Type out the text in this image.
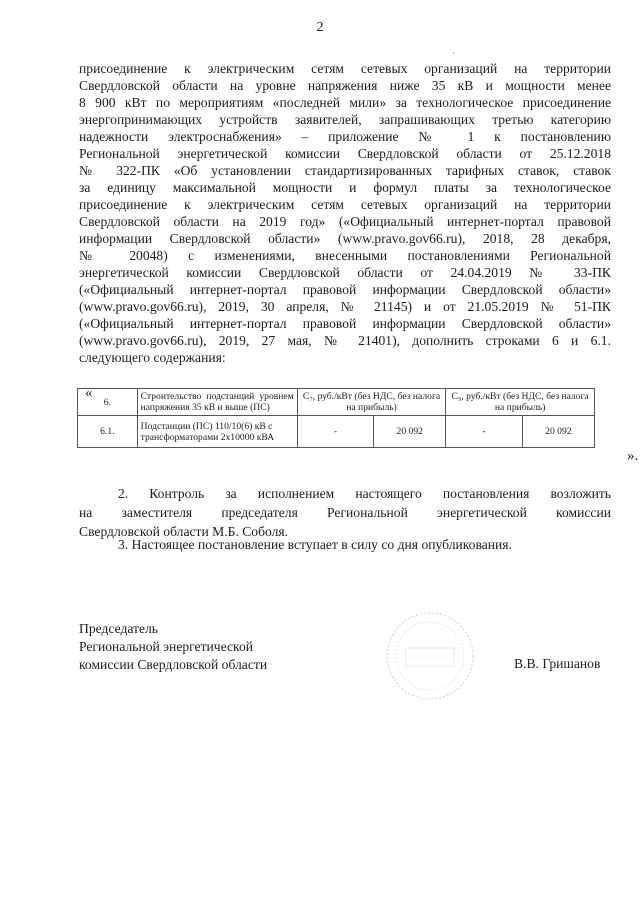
2
·
присоединение к электрическим сетям сетевых организаций на территории
Свердловской области на уровне напряжения ниже 35 кВ и мощности менее
8 900 кВт по мероприятиям «последней мили» за технологическое присоединение
энергопринимающих устройств заявителей, запрашивающих третью категорию
надежности электроснабжения» – приложение № 1 к постановлению
Региональной энергетической комиссии Свердловской области от 25.12.2018
№ 322-ПК «Об установлении стандартизированных тарифных ставок, ставок
за единицу максимальной мощности и формул платы за технологическое
присоединение к электрическим сетям сетевых организаций на территории
Свердловской области на 2019 год» («Официальный интернет-портал правовой
информации Свердловской области» (www.pravo.gov66.ru), 2018, 28 декабря,
№ 20048) с изменениями, внесенными постановлениями Региональной
энергетической комиссии Свердловской области от 24.04.2019 № 33-ПК
(«Официальный интернет-портал правовой информации Свердловской области»
(www.pravo.gov66.ru), 2019, 30 апреля, № 21145) и от 21.05.2019 № 51-ПК
(«Официальный интернет-портал правовой информации Свердловской области»
(www.pravo.gov66.ru), 2019, 27 мая, № 21401), дополнить строками 6 и 6.1.
следующего содержания:
«
6.	Строительство подстанций уровнем напряжения 35 кВ и выше (ПС)	C₇, руб./кВт (без НДС, без налога на прибыль)		C₉, руб./кВт (без НДС, без налога на прибыль)	
6.1.	Подстанции (ПС) 110/10(6) кВ с трансформаторами 2х10000 кВА	-	20 092	-	20 092
».
2. Контроль за исполнением настоящего постановления возложить
на заместителя председателя Региональной энергетической комиссии
Свердловской области М.Б. Соболя.
3. Настоящее постановление вступает в силу со дня опубликования.
Председатель
Региональной энергетической
комиссии Свердловской области	В.В. Гришанов
